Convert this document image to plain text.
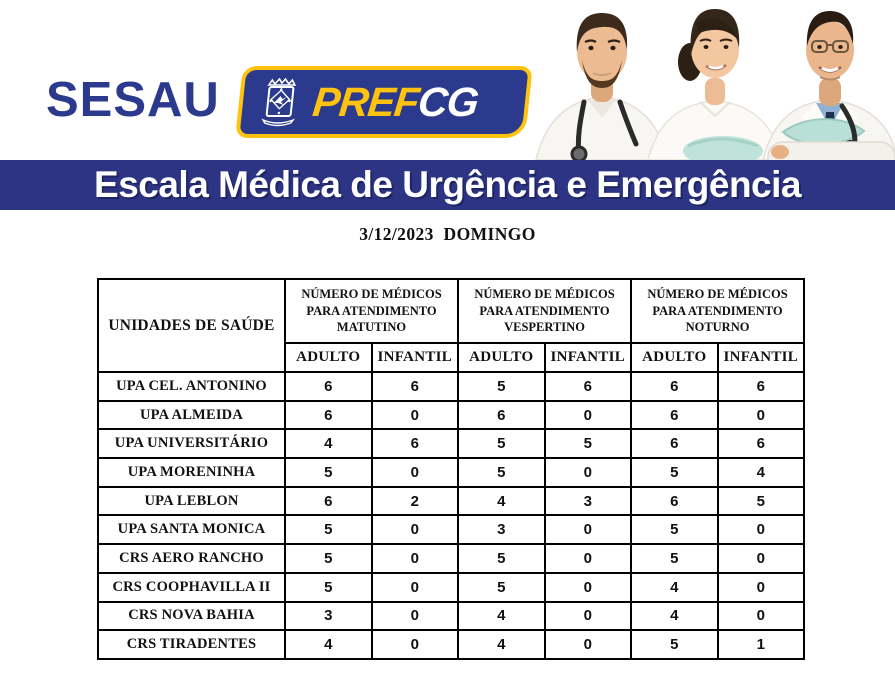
SESAU PREFCG
Escala Médica de Urgência e Emergência
3/12/2023 DOMINGO
UNIDADES DE SAÚDE	NÚMERO DE MÉDICOS PARA ATENDIMENTO MATUTINO		NÚMERO DE MÉDICOS PARA ATENDIMENTO VESPERTINO		NÚMERO DE MÉDICOS PARA ATENDIMENTO NOTURNO	
	ADULTO	INFANTIL	ADULTO	INFANTIL	ADULTO	INFANTIL
UPA CEL. ANTONINO	6	6	5	6	6	6
UPA ALMEIDA	6	0	6	0	6	0
UPA UNIVERSITÁRIO	4	6	5	5	6	6
UPA MORENINHA	5	0	5	0	5	4
UPA LEBLON	6	2	4	3	6	5
UPA SANTA MONICA	5	0	3	0	5	0
CRS AERO RANCHO	5	0	5	0	5	0
CRS COOPHAVILLA II	5	0	5	0	4	0
CRS NOVA BAHIA	3	0	4	0	4	0
CRS TIRADENTES	4	0	4	0	5	1
